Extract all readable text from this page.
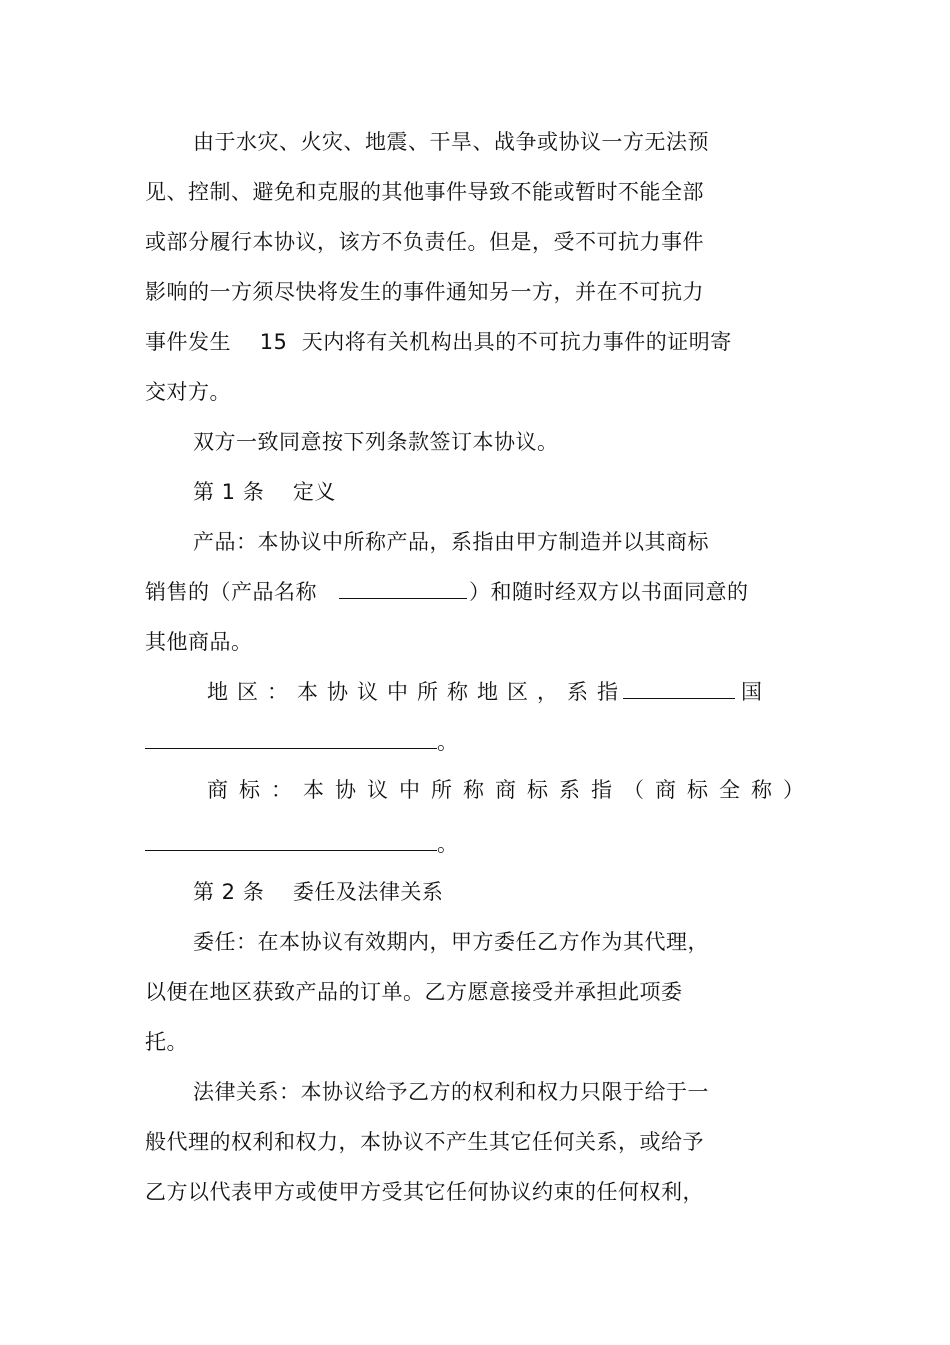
由于水灾、火灾、地震、干旱、战争或协议一方无法预
见、控制、避免和克服的其他事件导致不能或暂时不能全部
或部分履行本协议，该方不负责任。但是，受不可抗力事件
影响的一方须尽快将发生的事件通知另一方，并在不可抗力
事件发生    15  天内将有关机构出具的不可抗力事件的证明寄
交对方。
双方一致同意按下列条款签订本协议。
第 1 条    定义
产品：本协议中所称产品，系指由甲方制造并以其商标
销售的（产品名称	）和随时经双方以书面同意的
其他商品。
地区：本协议中所称地区，系指	国
。
商标：本协议中所称商标系指（商标全称）
。
第 2 条    委任及法律关系
委任：在本协议有效期内，甲方委任乙方作为其代理，
以便在地区获致产品的订单。乙方愿意接受并承担此项委
托。
法律关系：本协议给予乙方的权利和权力只限于给于一
般代理的权利和权力，本协议不产生其它任何关系，或给予
乙方以代表甲方或使甲方受其它任何协议约束的任何权利，
